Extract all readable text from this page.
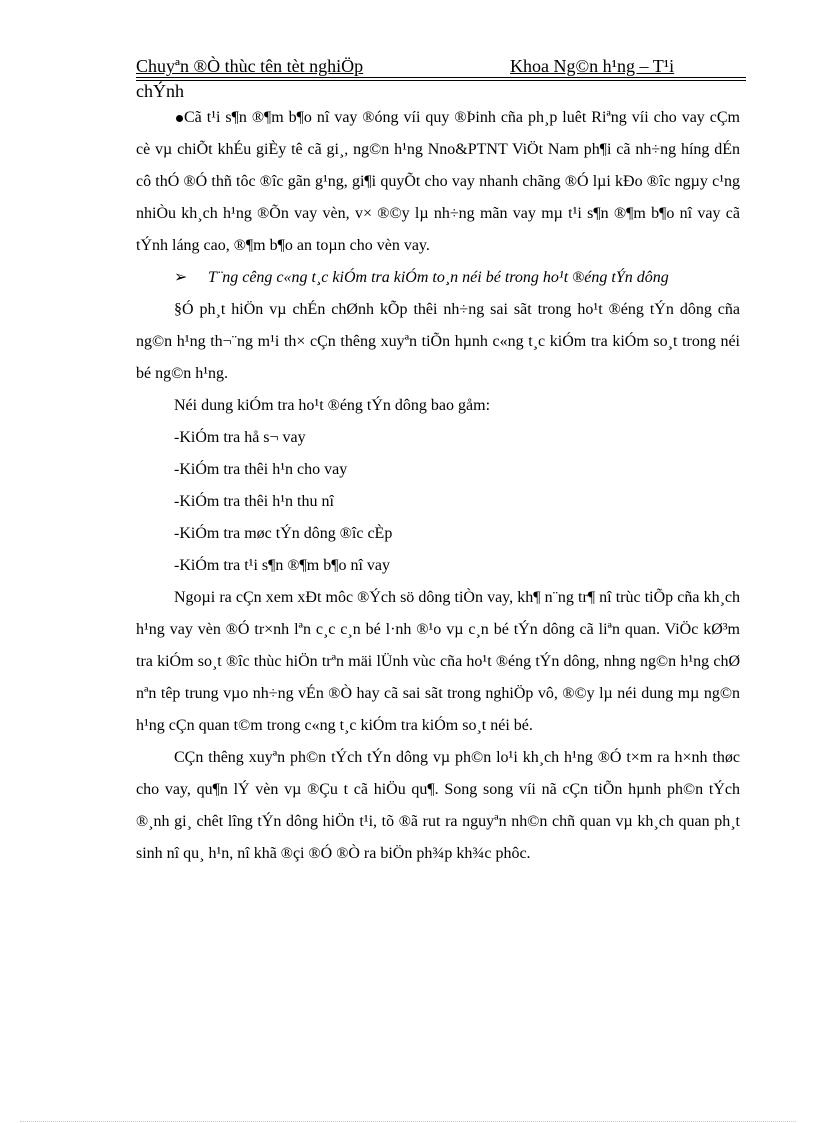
Chuyªn ®Ò thùc tên tèt nghiÖp	Khoa Ng©n h¹ng – T¹i
chÝnh

Cã t¹i s¶n ®¶m b¶o nî vay ®óng víi quy ®Þinh cña ph¸p luêt Riªng víi cho vay cÇm cè vµ chiÕt khÉu giÈy tê cã gi¸, ng©n h¹ng Nno&PTNT ViÖt Nam ph¶i cã nh÷ng híng dÉn cô thÓ ®Ó thñ tôc ®îc gãn g¹ng, gi¶i quyÕt cho vay nhanh chãng ®Ó lµi kÐo ®îc ngµy c¹ng nhiÒu kh¸ch h¹ng ®Õn vay vèn, v× ®©y lµ nh÷ng mãn vay mµ t¹i s¶n ®¶m b¶o nî vay cã tÝnh láng cao, ®¶m b¶o an toµn cho vèn vay.

➢ T¨ng cêng c«ng t¸c kiÓm tra kiÓm to¸n néi bé trong ho¹t ®éng tÝn dông

§Ó ph¸t hiÖn vµ chÉn chØnh kÕp thêi nh÷ng sai sãt trong ho¹t ®éng tÝn dông cña ng©n h¹ng th¬¨ng m¹i th× cÇn thêng xuyªn tiÕn hµnh c«ng t¸c kiÓm tra kiÓm so¸t trong néi bé ng©n h¹ng.

Néi dung kiÓm tra ho¹t ®éng tÝn dông bao gåm:

-KiÓm tra hå s¬ vay

-KiÓm tra thêi h¹n cho vay

-KiÓm tra thêi h¹n thu nî

-KiÓm tra møc tÝn dông ®îc cÈp

-KiÓm tra t¹i s¶n ®¶m b¶o nî vay

Ngoµi ra cÇn xem xÐt môc ®Ých sö dông tiÒn vay, kh¶ n¨ng tr¶ nî trùc tiÕp cña kh¸ch h¹ng vay vèn ®Ó tr×nh lªn c¸c c¸n bé l·nh ®¹o vµ c¸n bé tÝn dông cã liªn quan. ViÖc kØ³m tra kiÓm so¸t ®îc thùc hiÖn trªn mäi lÜnh vùc cña ho¹t ®éng tÝn dông, nhng ng©n h¹ng chØ nªn têp trung vµo nh÷ng vÉn ®Ò hay cã sai sãt trong nghiÖp vô, ®©y lµ néi dung mµ ng©n h¹ng cÇn quan t©m trong c«ng t¸c kiÓm tra kiÓm so¸t néi bé.

CÇn thêng xuyªn ph©n tÝch tÝn dông vµ ph©n lo¹i kh¸ch h¹ng ®Ó t×m ra h×nh thøc cho vay, qu¶n lÝ vèn vµ ®Çu t cã hiÖu qu¶. Song song víi nã cÇn tiÕn hµnh ph©n tÝch ®¸nh gi¸ chêt lîng tÝn dông hiÖn t¹i, tõ ®ã rut ra nguyªn nh©n chñ quan vµ kh¸ch quan ph¸t sinh nî qu¸ h¹n, nî khã ®çi ®Ó ®Ò ra biÖn ph¾p kh¾c phôc.
